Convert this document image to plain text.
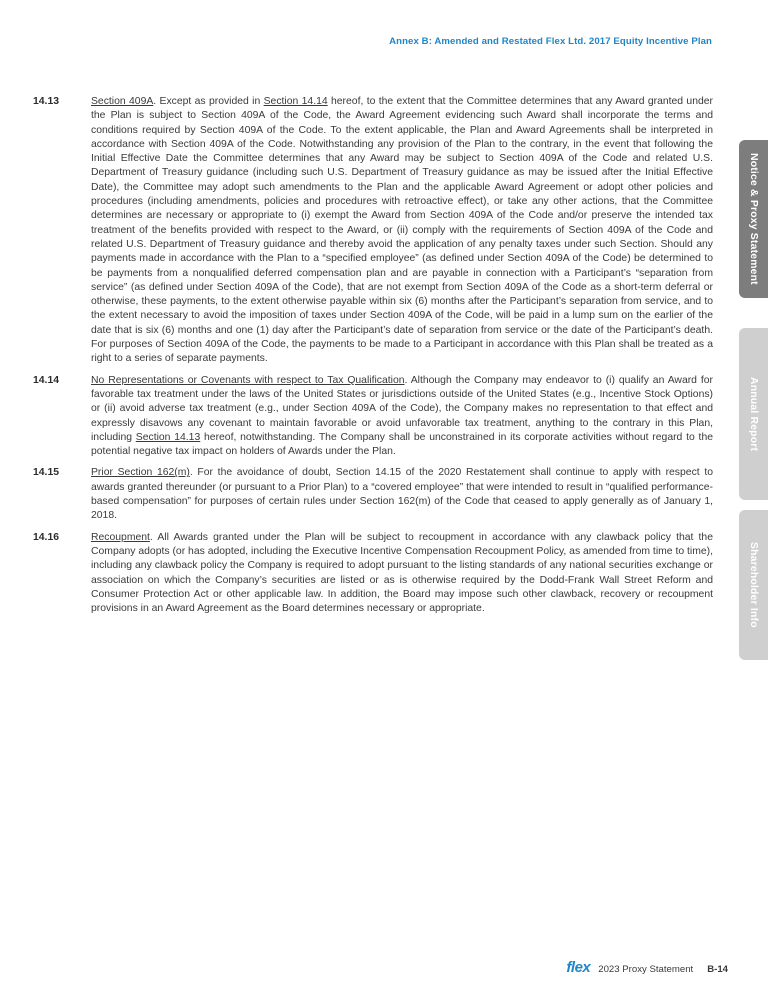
Annex B: Amended and Restated Flex Ltd. 2017 Equity Incentive Plan
Notice & Proxy Statement
Annual Report
Shareholder Info
14.13	Section 409A. Except as provided in Section 14.14 hereof, to the extent that the Committee determines that any Award granted under the Plan is subject to Section 409A of the Code, the Award Agreement evidencing such Award shall incorporate the terms and conditions required by Section 409A of the Code. To the extent applicable, the Plan and Award Agreements shall be interpreted in accordance with Section 409A of the Code. Notwithstanding any provision of the Plan to the contrary, in the event that following the Initial Effective Date the Committee determines that any Award may be subject to Section 409A of the Code and related U.S. Department of Treasury guidance (including such U.S. Department of Treasury guidance as may be issued after the Initial Effective Date), the Committee may adopt such amendments to the Plan and the applicable Award Agreement or adopt other policies and procedures (including amendments, policies and procedures with retroactive effect), or take any other actions, that the Committee determines are necessary or appropriate to (i) exempt the Award from Section 409A of the Code and/or preserve the intended tax treatment of the benefits provided with respect to the Award, or (ii) comply with the requirements of Section 409A of the Code and related U.S. Department of Treasury guidance and thereby avoid the application of any penalty taxes under such Section. Should any payments made in accordance with the Plan to a “specified employee” (as defined under Section 409A of the Code) be determined to be payments from a nonqualified deferred compensation plan and are payable in connection with a Participant’s “separation from service” (as defined under Section 409A of the Code), that are not exempt from Section 409A of the Code as a short-term deferral or otherwise, these payments, to the extent otherwise payable within six (6) months after the Participant’s separation from service, and to the extent necessary to avoid the imposition of taxes under Section 409A of the Code, will be paid in a lump sum on the earlier of the date that is six (6) months and one (1) day after the Participant’s date of separation from service or the date of the Participant’s death. For purposes of Section 409A of the Code, the payments to be made to a Participant in accordance with this Plan shall be treated as a right to a series of separate payments.
14.14	No Representations or Covenants with respect to Tax Qualification. Although the Company may endeavor to (i) qualify an Award for favorable tax treatment under the laws of the United States or jurisdictions outside of the United States (e.g., Incentive Stock Options) or (ii) avoid adverse tax treatment (e.g., under Section 409A of the Code), the Company makes no representation to that effect and expressly disavows any covenant to maintain favorable or avoid unfavorable tax treatment, anything to the contrary in this Plan, including Section 14.13 hereof, notwithstanding. The Company shall be unconstrained in its corporate activities without regard to the potential negative tax impact on holders of Awards under the Plan.
14.15	Prior Section 162(m). For the avoidance of doubt, Section 14.15 of the 2020 Restatement shall continue to apply with respect to awards granted thereunder (or pursuant to a Prior Plan) to a “covered employee” that were intended to result in “qualified performance-based compensation” for purposes of certain rules under Section 162(m) of the Code that ceased to apply generally as of January 1, 2018.
14.16	Recoupment. All Awards granted under the Plan will be subject to recoupment in accordance with any clawback policy that the Company adopts (or has adopted, including the Executive Incentive Compensation Recoupment Policy, as amended from time to time), including any clawback policy the Company is required to adopt pursuant to the listing standards of any national securities exchange or association on which the Company’s securities are listed or as is otherwise required by the Dodd-Frank Wall Street Reform and Consumer Protection Act or other applicable law. In addition, the Board may impose such other clawback, recovery or recoupment provisions in an Award Agreement as the Board determines necessary or appropriate.
flex 2023 Proxy Statement B-14
